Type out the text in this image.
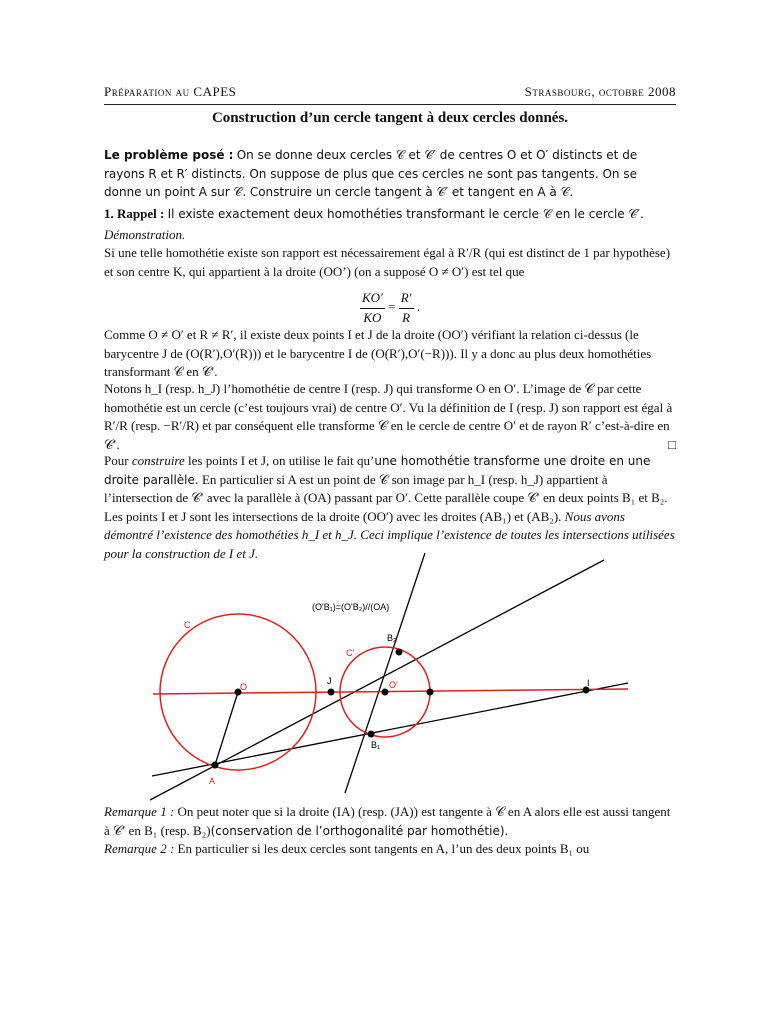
Préparation au CAPES	Strasbourg, octobre 2008
Construction d’un cercle tangent à deux cercles donnés.
Le problème posé : On se donne deux cercles 𝒞 et 𝒞′ de centres O et O′ distincts et de rayons R et R′ distincts. On suppose de plus que ces cercles ne sont pas tangents. On se donne un point A sur 𝒞. Construire un cercle tangent à 𝒞′ et tangent en A à 𝒞.
1. Rappel : Il existe exactement deux homothéties transformant le cercle 𝒞 en le cercle 𝒞′.
Démonstration.
Si une telle homothétie existe son rapport est nécessairement égal à R′/R (qui est distinct de 1 par hypothèse) et son centre K, qui appartient à la droite (OO’) (on a supposé O ≠ O′) est tel que
$\frac{KO'}{KO} = \frac{R'}{R}$ .
Comme O ≠ O′ et R ≠ R′, il existe deux points I et J de la droite (OO′) vérifiant la relation ci-dessus (le barycentre J de (O(R′),O′(R))) et le barycentre I de (O(R′),O′(−R))). Il y a donc au plus deux homothéties transformant 𝒞 en 𝒞′.
Notons h_I (resp. h_J) l’homothétie de centre I (resp. J) qui transforme O en O′. L’image de 𝒞 par cette homothétie est un cercle (c’est toujours vrai) de centre O′. Vu la définition de I (resp. J) son rapport est égal à R′/R (resp. −R′/R) et par conséquent elle transforme 𝒞 en le cercle de centre O′ et de rayon R′ c’est-à-dire en 𝒞′.	□
Pour construire les points I et J, on utilise le fait qu’une homothétie transforme une droite en une droite parallèle. En particulier si A est un point de 𝒞 son image par h_I (resp. h_J) appartient à l’intersection de 𝒞′ avec la parallèle à (OA) passant par O′. Cette parallèle coupe 𝒞′ en deux points B₁ et B₂. Les points I et J sont les intersections de la droite (OO′) avec les droites (AB₁) et (AB₂). Nous avons démontré l’existence des homothéties h_I et h_J. Ceci implique l’existence de toutes les intersections utilisées pour la construction de I et J.
(O'B₁)=(O'B₂)//(OA)
C
C'
O	O'
J	I
A
B₁
B₂
Remarque 1 : On peut noter que si la droite (IA) (resp. (JA)) est tangente à 𝒞 en A alors elle est aussi tangent à 𝒞′ en B₁ (resp. B₂)(conservation de l’orthogonalité par homothétie).
Remarque 2 : En particulier si les deux cercles sont tangents en A, l’un des deux points B₁ ou
